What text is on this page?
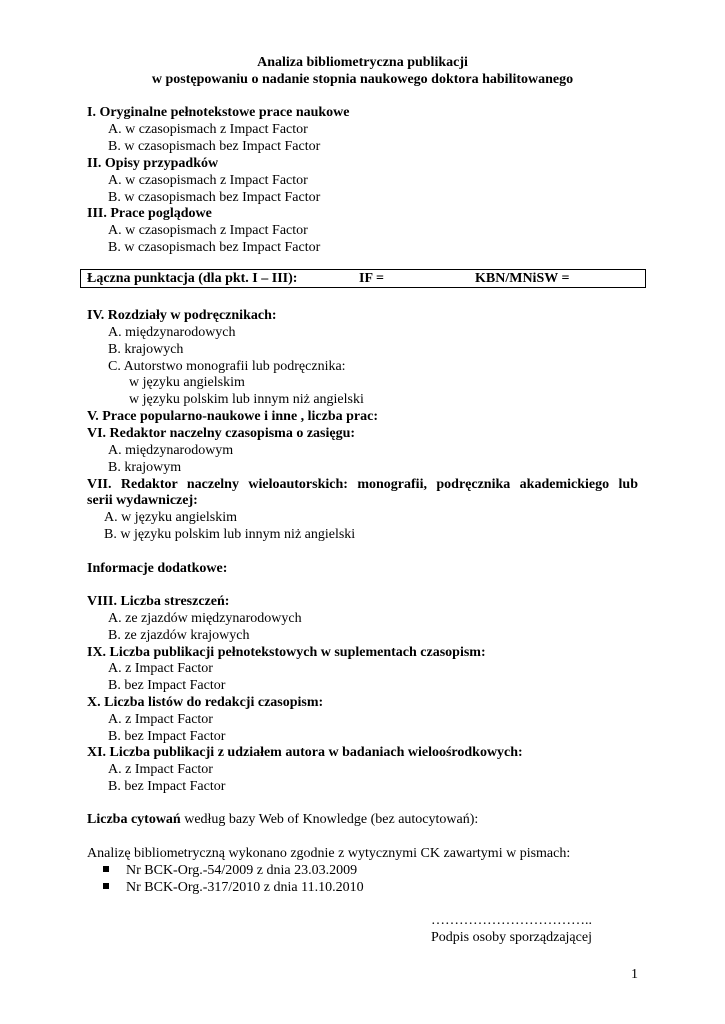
Analiza bibliometryczna publikacji
w postępowaniu o nadanie stopnia naukowego doktora habilitowanego
I. Oryginalne pełnotekstowe prace naukowe
A. w czasopismach z Impact Factor
B. w czasopismach bez Impact Factor
II. Opisy przypadków
A. w czasopismach z Impact Factor
B. w czasopismach bez Impact Factor
III. Prace poglądowe
A. w czasopismach z Impact Factor
B. w czasopismach bez Impact Factor
Łączna punktacja (dla pkt. I – III):	IF =	KBN/MNiSW =
IV. Rozdziały w podręcznikach:
A. międzynarodowych
B. krajowych
C. Autorstwo monografii lub podręcznika:
w języku angielskim
w języku polskim lub innym niż angielski
V. Prace popularno-naukowe i inne , liczba prac:
VI. Redaktor naczelny czasopisma o zasięgu:
A. międzynarodowym
B. krajowym
VII. Redaktor naczelny wieloautorskich: monografii, podręcznika akademickiego lub
serii wydawniczej:
A. w języku angielskim
B. w języku polskim lub innym niż angielski
Informacje dodatkowe:
VIII. Liczba streszczeń:
A. ze zjazdów międzynarodowych
B. ze zjazdów krajowych
IX. Liczba publikacji pełnotekstowych w suplementach czasopism:
A. z Impact Factor
B. bez Impact Factor
X. Liczba listów do redakcji czasopism:
A. z Impact Factor
B. bez Impact Factor
XI. Liczba publikacji z udziałem autora w badaniach wieloośrodkowych:
A. z Impact Factor
B. bez Impact Factor
Liczba cytowań według bazy Web of Knowledge (bez autocytowań):
Analizę bibliometryczną wykonano zgodnie z wytycznymi CK zawartymi w pismach:
Nr BCK-Org.-54/2009 z dnia 23.03.2009
Nr BCK-Org.-317/2010 z dnia 11.10.2010
……………………………..
Podpis osoby sporządzającej
1
